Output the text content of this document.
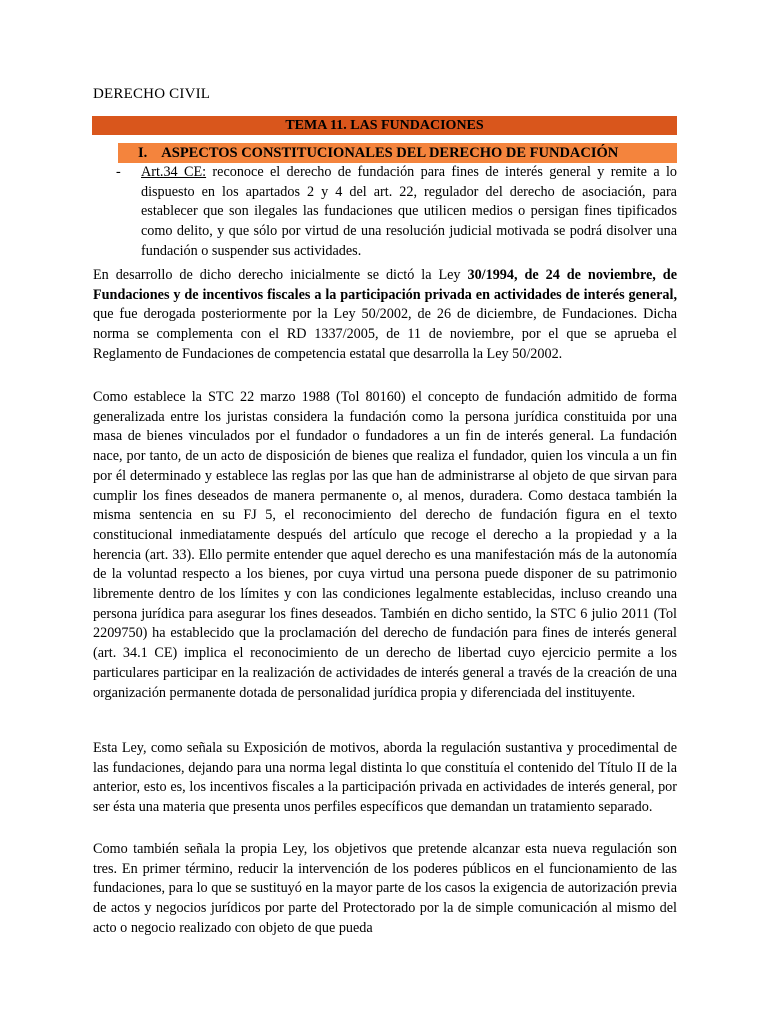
DERECHO CIVIL
TEMA 11. LAS FUNDACIONES
I. ASPECTOS CONSTITUCIONALES DEL DERECHO DE FUNDACIÓN
- Art.34 CE: reconoce el derecho de fundación para fines de interés general y remite a lo dispuesto en los apartados 2 y 4 del art. 22, regulador del derecho de asociación, para establecer que son ilegales las fundaciones que utilicen medios o persigan fines tipificados como delito, y que sólo por virtud de una resolución judicial motivada se podrá disolver una fundación o suspender sus actividades.

En desarrollo de dicho derecho inicialmente se dictó la Ley 30/1994, de 24 de noviembre, de Fundaciones y de incentivos fiscales a la participación privada en actividades de interés general, que fue derogada posteriormente por la Ley 50/2002, de 26 de diciembre, de Fundaciones. Dicha norma se complementa con el RD 1337/2005, de 11 de noviembre, por el que se aprueba el Reglamento de Fundaciones de competencia estatal que desarrolla la Ley 50/2002.

Como establece la STC 22 marzo 1988 (Tol 80160) el concepto de fundación admitido de forma generalizada entre los juristas considera la fundación como la persona jurídica constituida por una masa de bienes vinculados por el fundador o fundadores a un fin de interés general. La fundación nace, por tanto, de un acto de disposición de bienes que realiza el fundador, quien los vincula a un fin por él determinado y establece las reglas por las que han de administrarse al objeto de que sirvan para cumplir los fines deseados de manera permanente o, al menos, duradera. Como destaca también la misma sentencia en su FJ 5, el reconocimiento del derecho de fundación figura en el texto constitucional inmediatamente después del artículo que recoge el derecho a la propiedad y a la herencia (art. 33). Ello permite entender que aquel derecho es una manifestación más de la autonomía de la voluntad respecto a los bienes, por cuya virtud una persona puede disponer de su patrimonio libremente dentro de los límites y con las condiciones legalmente establecidas, incluso creando una persona jurídica para asegurar los fines deseados. También en dicho sentido, la STC 6 julio 2011 (Tol 2209750) ha establecido que la proclamación del derecho de fundación para fines de interés general (art. 34.1 CE) implica el reconocimiento de un derecho de libertad cuyo ejercicio permite a los particulares participar en la realización de actividades de interés general a través de la creación de una organización permanente dotada de personalidad jurídica propia y diferenciada del instituyente.

Esta Ley, como señala su Exposición de motivos, aborda la regulación sustantiva y procedimental de las fundaciones, dejando para una norma legal distinta lo que constituía el contenido del Título II de la anterior, esto es, los incentivos fiscales a la participación privada en actividades de interés general, por ser ésta una materia que presenta unos perfiles específicos que demandan un tratamiento separado.

Como también señala la propia Ley, los objetivos que pretende alcanzar esta nueva regulación son tres. En primer término, reducir la intervención de los poderes públicos en el funcionamiento de las fundaciones, para lo que se sustituyó en la mayor parte de los casos la exigencia de autorización previa de actos y negocios jurídicos por parte del Protectorado por la de simple comunicación al mismo del acto o negocio realizado con objeto de que pueda
